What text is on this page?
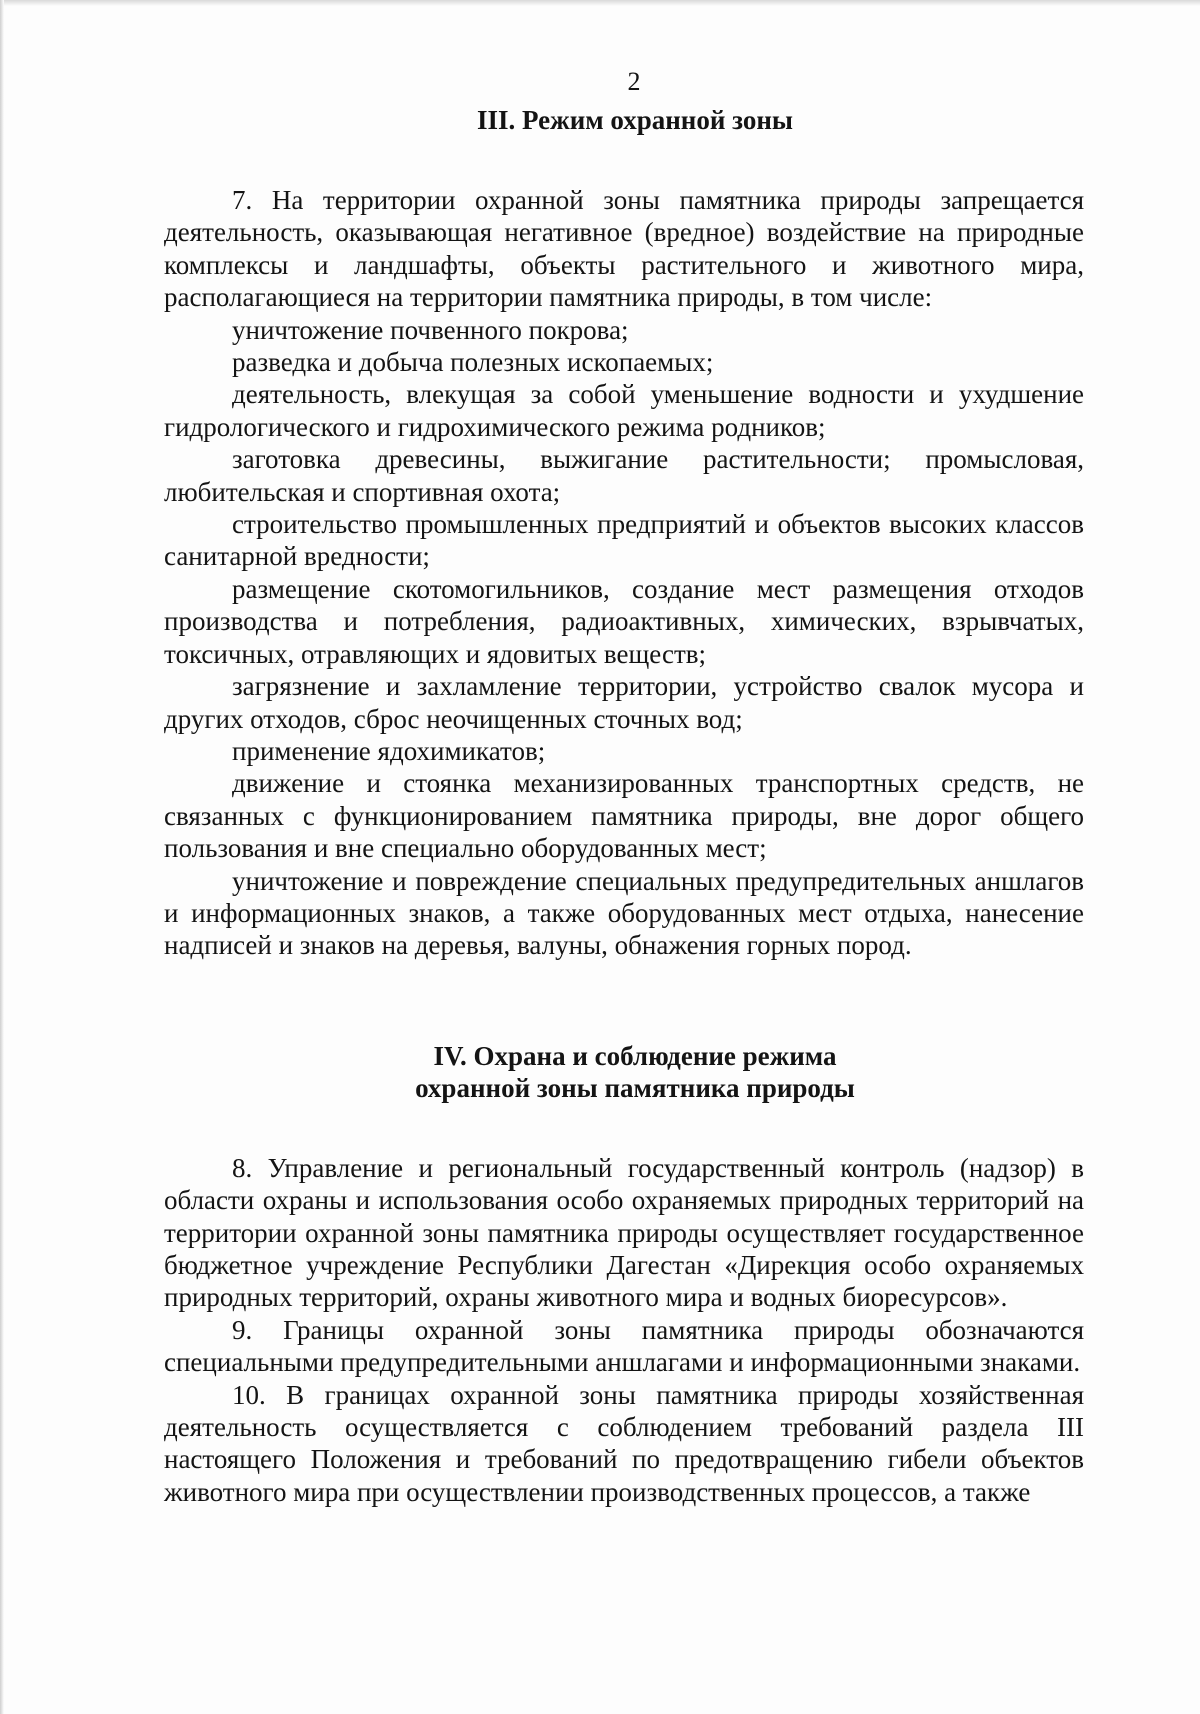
2
III. Режим охранной зоны

7. На территории охранной зоны памятника природы запрещается деятельность, оказывающая негативное (вредное) воздействие на природные комплексы и ландшафты, объекты растительного и животного мира, располагающиеся на территории памятника природы, в том числе:

уничтожение почвенного покрова;

разведка и добыча полезных ископаемых;

деятельность, влекущая за собой уменьшение водности и ухудшение гидрологического и гидрохимического режима родников;

заготовка древесины, выжигание растительности; промысловая, любительская и спортивная охота;

строительство промышленных предприятий и объектов высоких классов санитарной вредности;

размещение скотомогильников, создание мест размещения отходов производства и потребления, радиоактивных, химических, взрывчатых, токсичных, отравляющих и ядовитых веществ;

загрязнение и захламление территории, устройство свалок мусора и других отходов, сброс неочищенных сточных вод;

применение ядохимикатов;

движение и стоянка механизированных транспортных средств, не связанных с функционированием памятника природы, вне дорог общего пользования и вне специально оборудованных мест;

уничтожение и повреждение специальных предупредительных аншлагов и информационных знаков, а также оборудованных мест отдыха, нанесение надписей и знаков на деревья, валуны, обнажения горных пород.

IV. Охрана и соблюдение режима
охранной зоны памятника природы

8. Управление и региональный государственный контроль (надзор) в области охраны и использования особо охраняемых природных территорий на территории охранной зоны памятника природы осуществляет государственное бюджетное учреждение Республики Дагестан «Дирекция особо охраняемых природных территорий, охраны животного мира и водных биоресурсов».

9. Границы охранной зоны памятника природы обозначаются специальными предупредительными аншлагами и информационными знаками.

10. В границах охранной зоны памятника природы хозяйственная деятельность осуществляется с соблюдением требований раздела III настоящего Положения и требований по предотвращению гибели объектов животного мира при осуществлении производственных процессов, а также
